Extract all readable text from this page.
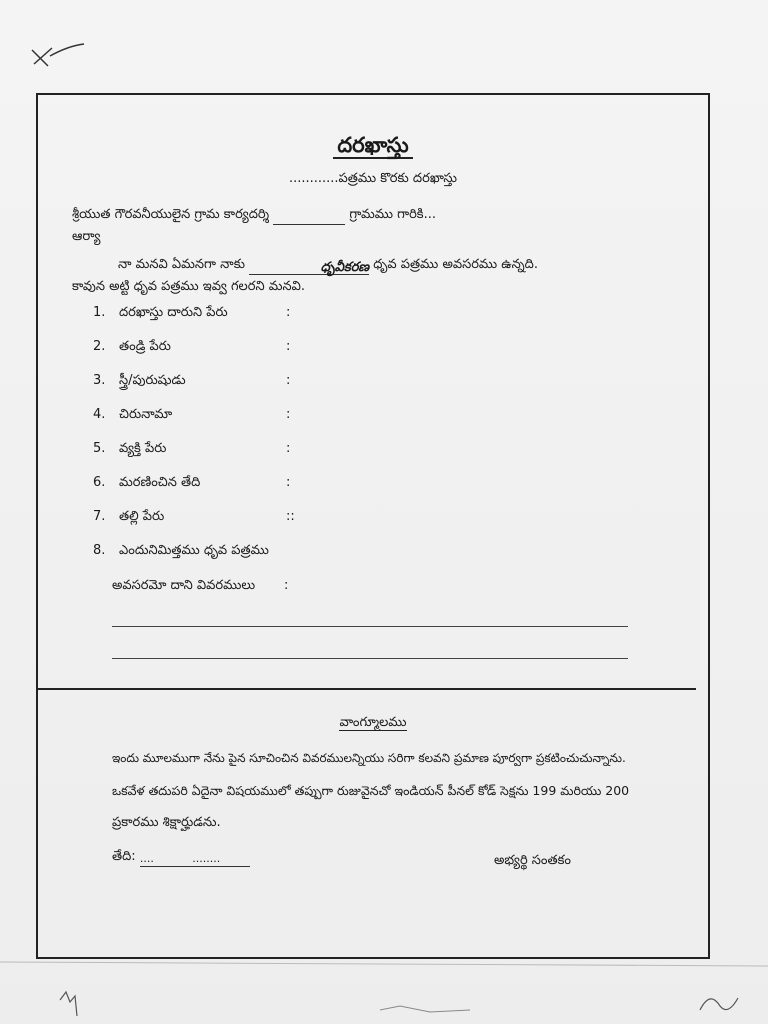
దరఖాస్తు
............పత్రము కొరకు దరఖాస్తు
శ్రీయుత గౌరవనీయులైన గ్రామ కార్యదర్శి	గ్రామము గారికి...
ఆర్యా
నా మనవి ఏమనగా నాకు	ధృవీకరణ ధృవ పత్రము అవసరము ఉన్నది.
కావున అట్టి ధృవ పత్రము ఇవ్వ గలరని మనవి.
1. దరఖాస్తు దారుని పేరు	:
2. తండ్రి పేరు	:
3. స్త్రీ/పురుషుడు	:
4. చిరునామా	:
5. వ్యక్తి పేరు	:
6. మరణించిన తేది	:
7. తల్లి పేరు	::
8. ఎందునిమిత్తము ధృవ పత్రము
అవసరమో దాని వివరములు :
వాంగ్మూలము
ఇందు మూలముగా నేను పైన సూచించిన వివరములన్నియు సరిగా కలవని ప్రమాణ పూర్వగా ప్రకటించుచున్నాను.
ఒకవేళ తదుపరి ఏదైనా విషయములో తప్పుగా రుజువైనచో ఇండియన్ పీనల్ కోడ్ సెక్షను 199 మరియు 200
ప్రకారము శిక్షార్హుడను.
తేది: ....	........	అభ్యర్థి సంతకం
